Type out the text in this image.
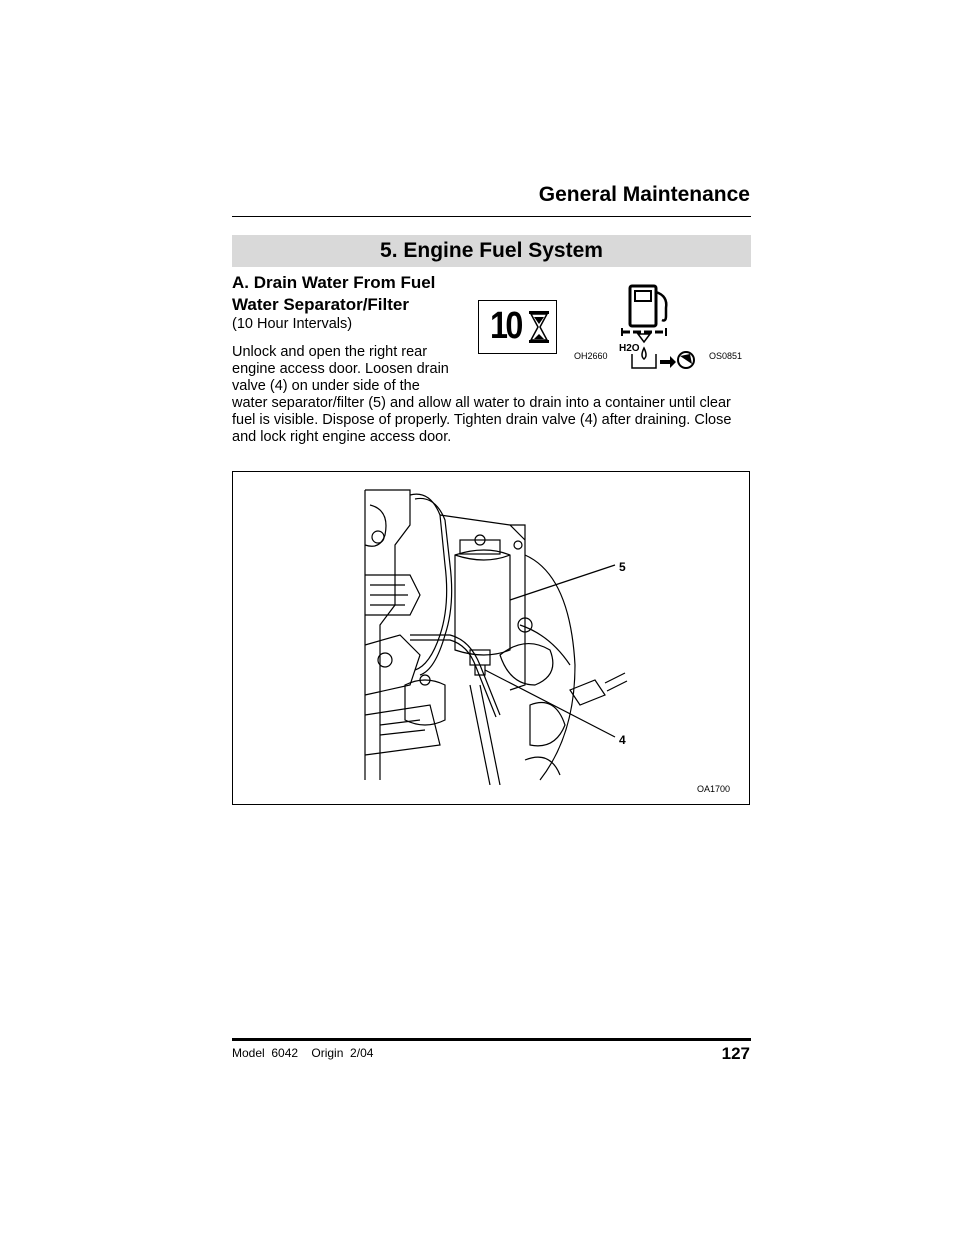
General Maintenance
5. Engine Fuel System
A. Drain Water From Fuel
Water Separator/Filter
(10 Hour Intervals)
Unlock and open the right rear engine access door. Loosen drain valve (4) on under side of the water separator/filter (5) and allow all water to drain into a container until clear fuel is visible. Dispose of properly. Tighten drain valve (4) after draining. Close and lock right engine access door.
10
OH2660
H2O
OS0851
5
4
OA1700
Model  6042    Origin  2/04	127
